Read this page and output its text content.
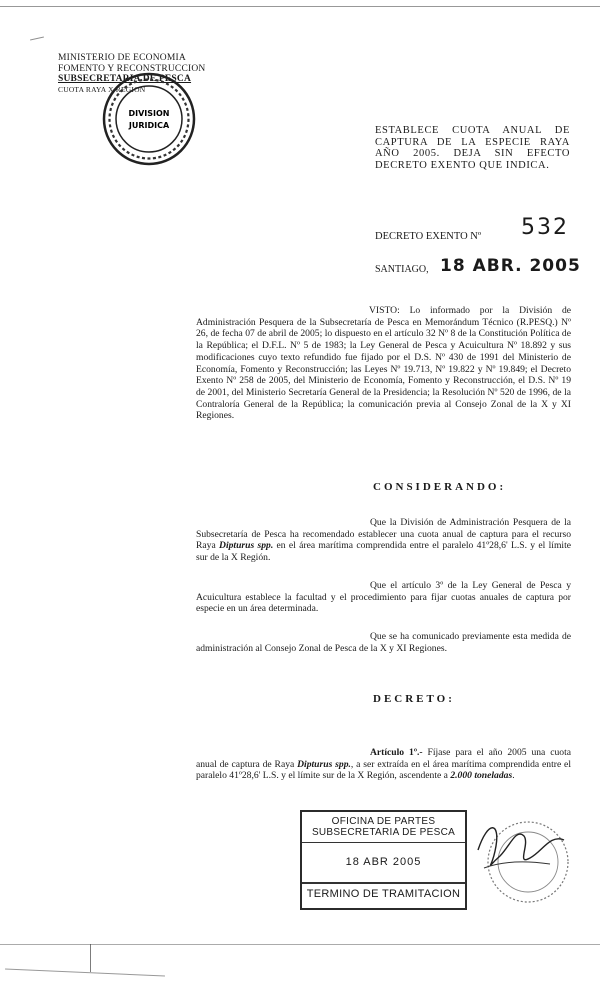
MINISTERIO DE ECONOMIA
FOMENTO Y RECONSTRUCCION
SUBSECRETARIA DE PESCA
CUOTA RAYA X REGION
DIVISION
JURIDICA	ESTABLECE CUOTA ANUAL DE CAPTURA DE LA ESPECIE RAYA AÑO 2005. DEJA SIN EFECTO DECRETO EXENTO QUE INDICA.
DECRETO EXENTO Nº 532
SANTIAGO, 18 ABR. 2005
VISTO: Lo informado por la División de Administración Pesquera de la Subsecretaría de Pesca en Memorándum Técnico (R.PESQ.) Nº 26, de fecha 07 de abril de 2005; lo dispuesto en el artículo 32 Nº 8 de la Constitución Política de la República; el D.F.L. Nº 5 de 1983; la Ley General de Pesca y Acuicultura Nº 18.892 y sus modificaciones cuyo texto refundido fue fijado por el D.S. Nº 430 de 1991 del Ministerio de Economía, Fomento y Reconstrucción; las Leyes Nº 19.713, Nº 19.822 y Nº 19.849; el Decreto Exento Nº 258 de 2005, del Ministerio de Economía, Fomento y Reconstrucción, el D.S. Nº 19 de 2001, del Ministerio Secretaría General de la Presidencia; la Resolución Nº 520 de 1996, de la Contraloría General de la República; la comunicación previa al Consejo Zonal de la X y XI Regiones.
CONSIDERANDO:
Que la División de Administración Pesquera de la Subsecretaría de Pesca ha recomendado establecer una cuota anual de captura para el recurso Raya Dipturus spp. en el área marítima comprendida entre el paralelo 41º28,6' L.S. y el límite sur de la X Región.
Que el artículo 3º de la Ley General de Pesca y Acuicultura establece la facultad y el procedimiento para fijar cuotas anuales de captura por especie en un área determinada.
Que se ha comunicado previamente esta medida de administración al Consejo Zonal de Pesca de la X y XI Regiones.
DECRETO:
Artículo 1º.- Fíjase para el año 2005 una cuota anual de captura de Raya Dipturus spp., a ser extraída en el área marítima comprendida entre el paralelo 41º28,6' L.S. y el límite sur de la X Región, ascendente a 2.000 toneladas.
OFICINA DE PARTES
SUBSECRETARIA DE PESCA
18 ABR 2005
TERMINO DE TRAMITACION
